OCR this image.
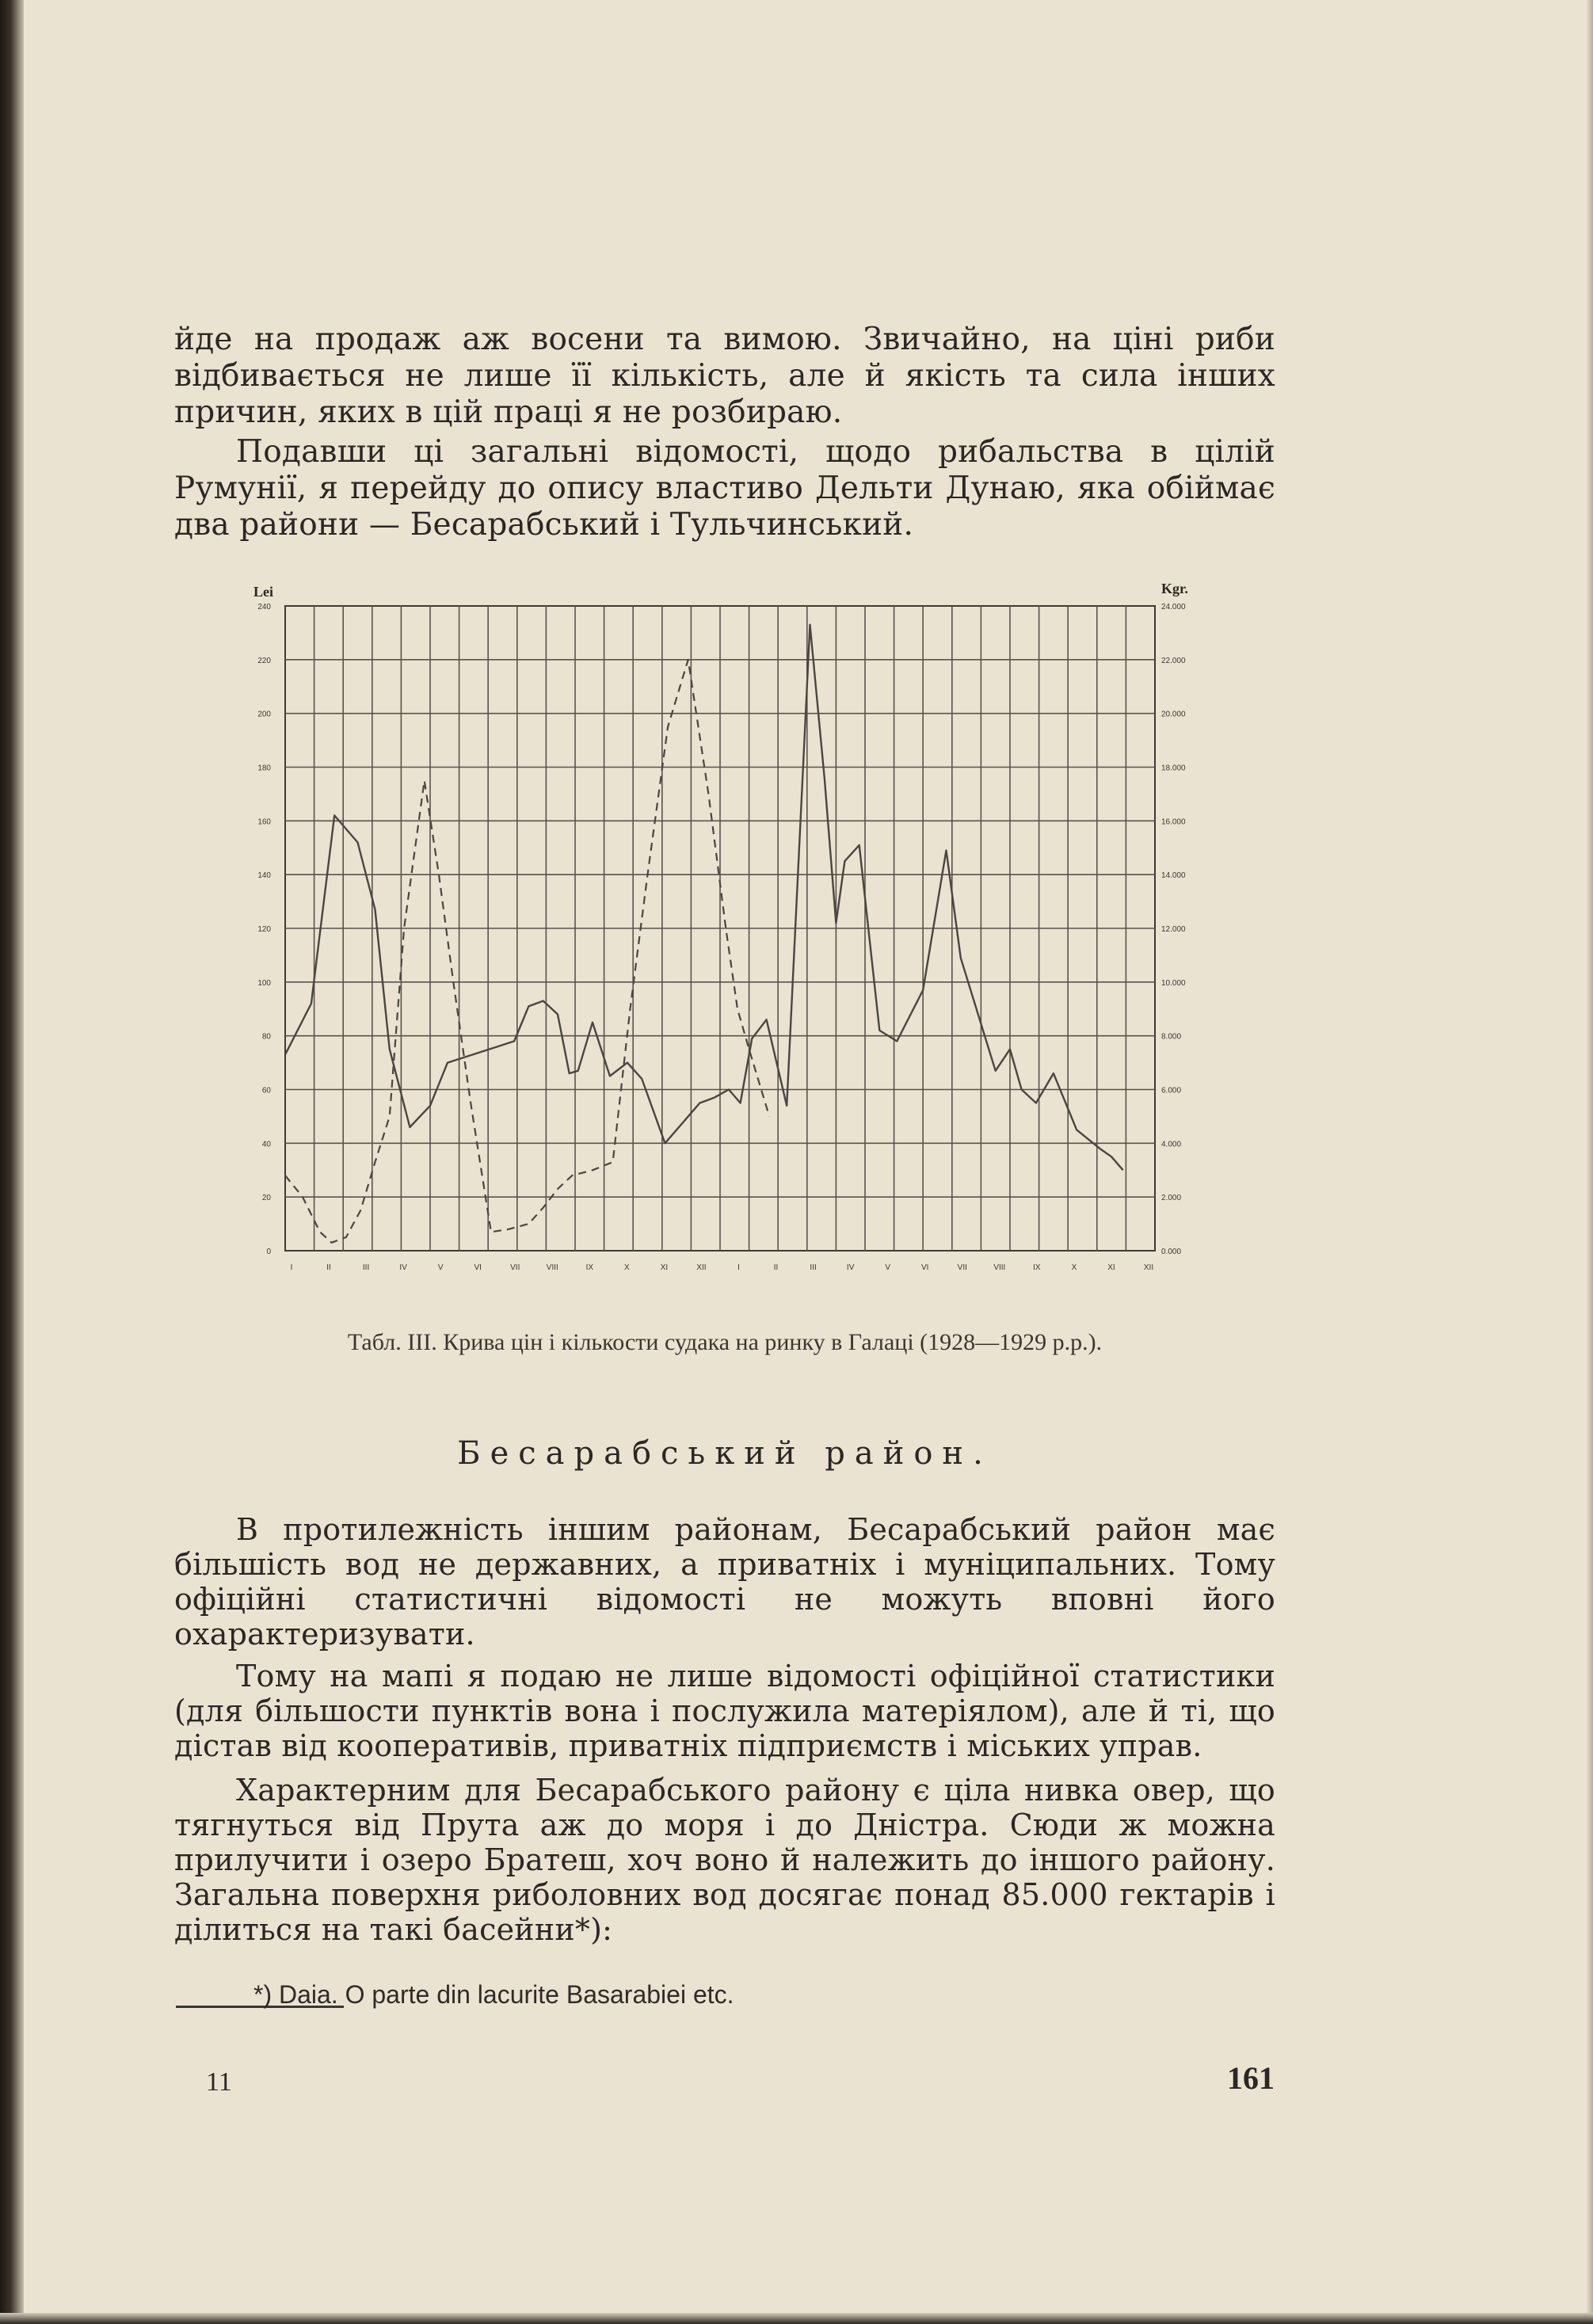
йде на продаж аж восени та вимою. Звичайно, на ціні риби відбивається не лише її кількість, але й якість та сила інших причин, яких в цій праці я не розбираю.
Подавши ці загальні відомості, щодо рибальства в цілій Румунії, я перейду до опису властиво Дельти Дунаю, яка обіймає два райони — Бесарабський і Тульчинський.
0
20
40
60
80
100
120
140
160
180
200
220
240
0.000
2.000
4.000
6.000
8.000
10.000
12.000
14.000
16.000
18.000
20.000
22.000
24.000
I	II	III	IV	V	VI	VII	VIII	IX	X	XI	XII	I	II	III	IV	V	VI	VII	VIII	IX	X	XI	XII
Lei	Kgr.
Табл. III. Крива цін і кількости судака на ринку в Галаці (1928—1929 р.р.).
Бесарабський район.
В протилежність іншим районам, Бесарабський район має більшість вод не державних, а приватніх і муніципальних. Тому офіційні статистичні відомості не можуть вповні його охарактеризувати.
Тому на мапі я подаю не лише відомості офіційної статистики (для більшости пунктів вона і послужила матеріялом), але й ті, що дістав від кооперативів, приватніх підприємств і міських управ.
Характерним для Бесарабського району є ціла нивка овер, що тягнуться від Прута аж до моря і до Дністра. Сюди ж можна прилучити і озеро Братеш, хоч воно й належить до іншого району. Загальна поверхня риболовних вод досягає понад 85.000 гектарів і ділиться на такі басейни*):
*) Daia. O parte din lacurite Basarabiei etc.
11	161
